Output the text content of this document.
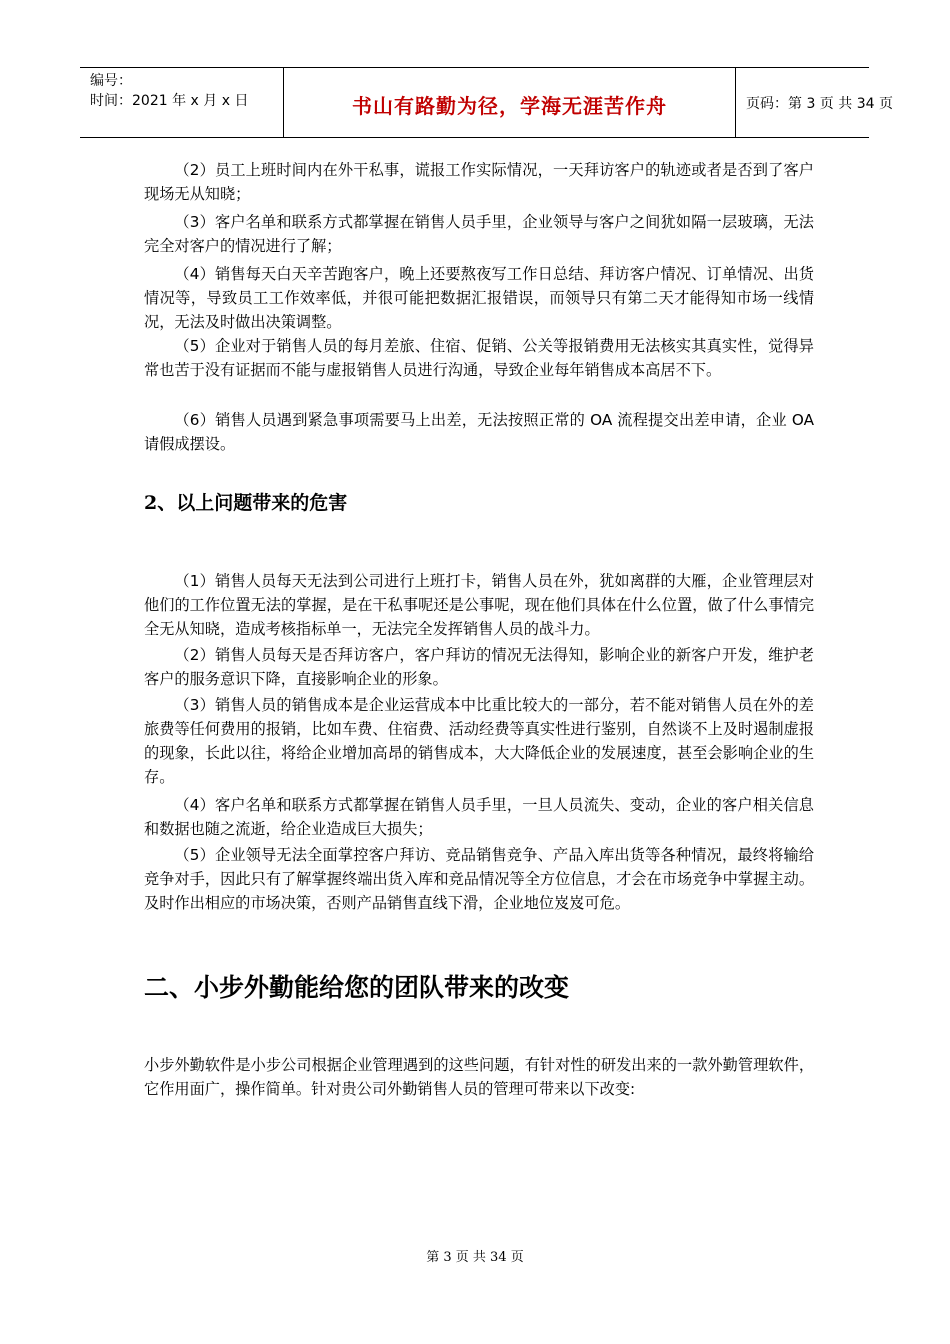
编号：
时间：2021 年 x 月 x 日	书山有路勤为径，学海无涯苦作舟	页码：第 3 页 共 34 页
（2）员工上班时间内在外干私事，谎报工作实际情况，一天拜访客户的轨迹或者是否到了客户现场无从知晓；
（3）客户名单和联系方式都掌握在销售人员手里，企业领导与客户之间犹如隔一层玻璃，无法完全对客户的情况进行了解；
（4）销售每天白天辛苦跑客户，晚上还要熬夜写工作日总结、拜访客户情况、订单情况、出货情况等，导致员工工作效率低，并很可能把数据汇报错误，而领导只有第二天才能得知市场一线情况，无法及时做出决策调整。
（5）企业对于销售人员的每月差旅、住宿、促销、公关等报销费用无法核实其真实性，觉得异常也苦于没有证据而不能与虚报销售人员进行沟通，导致企业每年销售成本高居不下。
（6）销售人员遇到紧急事项需要马上出差，无法按照正常的 OA 流程提交出差申请，企业 OA 请假成摆设。
2、以上问题带来的危害
（1）销售人员每天无法到公司进行上班打卡，销售人员在外，犹如离群的大雁，企业管理层对他们的工作位置无法的掌握，是在干私事呢还是公事呢，现在他们具体在什么位置，做了什么事情完全无从知晓，造成考核指标单一，无法完全发挥销售人员的战斗力。
（2）销售人员每天是否拜访客户，客户拜访的情况无法得知，影响企业的新客户开发，维护老客户的服务意识下降，直接影响企业的形象。
（3）销售人员的销售成本是企业运营成本中比重比较大的一部分，若不能对销售人员在外的差旅费等任何费用的报销，比如车费、住宿费、活动经费等真实性进行鉴别，自然谈不上及时遏制虚报的现象，长此以往，将给企业增加高昂的销售成本，大大降低企业的发展速度，甚至会影响企业的生存。
（4）客户名单和联系方式都掌握在销售人员手里，一旦人员流失、变动，企业的客户相关信息和数据也随之流逝，给企业造成巨大损失；
（5）企业领导无法全面掌控客户拜访、竞品销售竞争、产品入库出货等各种情况，最终将输给竞争对手，因此只有了解掌握终端出货入库和竞品情况等全方位信息，才会在市场竞争中掌握主动。及时作出相应的市场决策，否则产品销售直线下滑，企业地位岌岌可危。
二、小步外勤能给您的团队带来的改变
小步外勤软件是小步公司根据企业管理遇到的这些问题，有针对性的研发出来的一款外勤管理软件，它作用面广，操作简单。针对贵公司外勤销售人员的管理可带来以下改变:
第 3 页 共 34 页
